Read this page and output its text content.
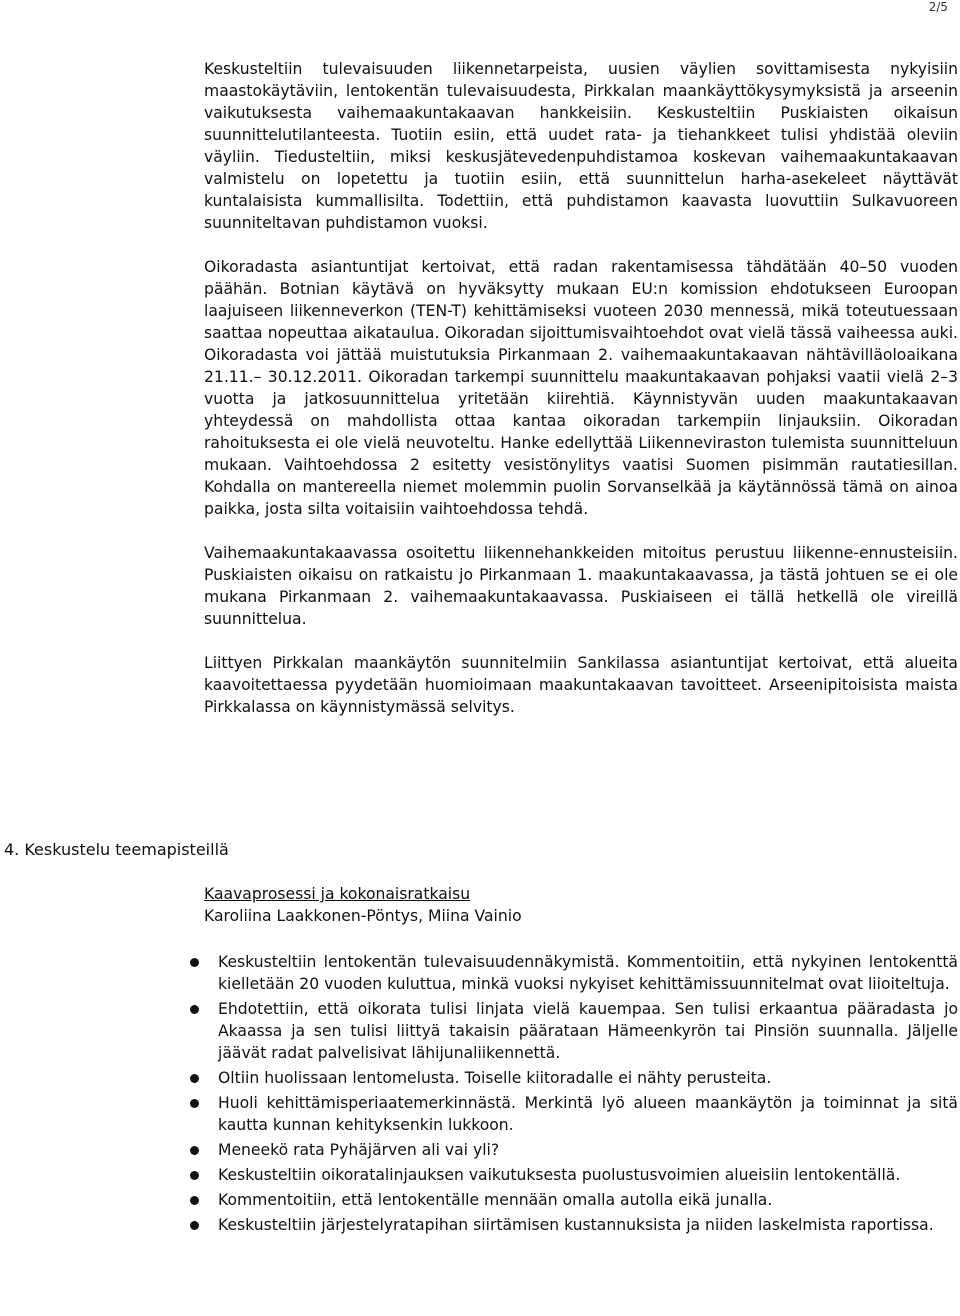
2/5

Keskusteltiin tulevaisuuden liikennetarpeista, uusien väylien sovittamisesta nykyisiin maastokäytäviin, lentokentän tulevaisuudesta, Pirkkalan maankäyttökysymyksistä ja arseenin vaikutuksesta vaihemaakuntakaavan hankkeisiin. Keskusteltiin Puskiaisten oikaisun suunnittelutilanteesta. Tuotiin esiin, että uudet rata- ja tiehankkeet tulisi yhdistää oleviin väyliin. Tiedusteltiin, miksi keskusjätevedenpuhdistamoa koskevan vaihemaakuntakaavan valmistelu on lopetettu ja tuotiin esiin, että suunnittelun harha-asekeleet näyttävät kuntalaisista kummallisilta. Todettiin, että puhdistamon kaavasta luovuttiin Sulkavuoreen suunniteltavan puhdistamon vuoksi.

Oikoradasta asiantuntijat kertoivat, että radan rakentamisessa tähdätään 40–50 vuoden päähän. Botnian käytävä on hyväksytty mukaan EU:n komission ehdotukseen Euroopan laajuiseen liikenneverkon (TEN-T) kehittämiseksi vuoteen 2030 mennessä, mikä toteutuessaan saattaa nopeuttaa aikataulua. Oikoradan sijoittumisvaihtoehdot ovat vielä tässä vaiheessa auki. Oikoradasta voi jättää muistutuksia Pirkanmaan 2. vaihemaakuntakaavan nähtävilläoloaikana 21.11.– 30.12.2011. Oikoradan tarkempi suunnittelu maakuntakaavan pohjaksi vaatii vielä 2–3 vuotta ja jatkosuunnittelua yritetään kiirehtiä. Käynnistyvän uuden maakuntakaavan yhteydessä on mahdollista ottaa kantaa oikoradan tarkempiin linjauksiin. Oikoradan rahoituksesta ei ole vielä neuvoteltu. Hanke edellyttää Liikenneviraston tulemista suunnitteluun mukaan. Vaihtoehdossa 2 esitetty vesistönylitys vaatisi Suomen pisimmän rautatiesillan. Kohdalla on mantereella niemet molemmin puolin Sorvanselkää ja käytännössä tämä on ainoa paikka, josta silta voitaisiin vaihtoehdossa tehdä.

Vaihemaakuntakaavassa osoitettu liikennehankkeiden mitoitus perustuu liikenne-ennusteisiin. Puskiaisten oikaisu on ratkaistu jo Pirkanmaan 1. maakuntakaavassa, ja tästä johtuen se ei ole mukana Pirkanmaan 2. vaihemaakuntakaavassa. Puskiaiseen ei tällä hetkellä ole vireillä suunnittelua.

Liittyen Pirkkalan maankäytön suunnitelmiin Sankilassa asiantuntijat kertoivat, että alueita kaavoitettaessa pyydetään huomioimaan maakuntakaavan tavoitteet. Arseenipitoisista maista Pirkkalassa on käynnistymässä selvitys.

4. Keskustelu teemapisteillä

Kaavaprosessi ja kokonaisratkaisu

Karoliina Laakkonen-Pöntys, Miina Vainio

Keskusteltiin lentokentän tulevaisuudennäkymistä. Kommentoitiin, että nykyinen lentokenttä kielletään 20 vuoden kuluttua, minkä vuoksi nykyiset kehittämissuunnitelmat ovat liioiteltuja.
Ehdotettiin, että oikorata tulisi linjata vielä kauempaa. Sen tulisi erkaantua pääradasta jo Akaassa ja sen tulisi liittyä takaisin päärataan Hämeenkyrön tai Pinsiön suunnalla. Jäljelle jäävät radat palvelisivat lähijunaliikennettä.
Oltiin huolissaan lentomelusta. Toiselle kiitoradalle ei nähty perusteita.
Huoli kehittämisperiaatemerkinnästä. Merkintä lyö alueen maankäytön ja toiminnat ja sitä kautta kunnan kehityksenkin lukkoon.
Meneekö rata Pyhäjärven ali vai yli?
Keskusteltiin oikoratalinjauksen vaikutuksesta puolustusvoimien alueisiin lentokentällä.
Kommentoitiin, että lentokentälle mennään omalla autolla eikä junalla.
Keskusteltiin järjestelyratapihan siirtämisen kustannuksista ja niiden laskelmista raportissa.
